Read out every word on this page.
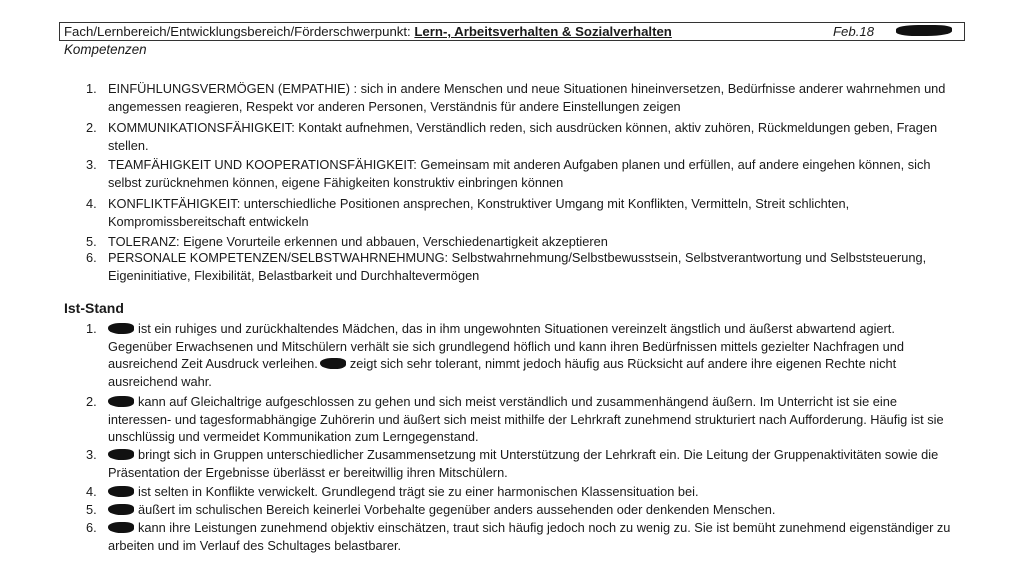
Fach/Lernbereich/Entwicklungsbereich/Förderschwerpunkt: Lern-, Arbeitsverhalten & Sozialverhalten	Feb.18
Kompetenzen
1. EINFÜHLUNGSVERMÖGEN (EMPATHIE) : sich in andere Menschen und neue Situationen hineinversetzen, Bedürfnisse anderer wahrnehmen und angemessen reagieren, Respekt vor anderen Personen, Verständnis für andere Einstellungen zeigen
2. KOMMUNIKATIONSFÄHIGKEIT: Kontakt aufnehmen, Verständlich reden, sich ausdrücken können, aktiv zuhören, Rückmeldungen geben, Fragen stellen.
3. TEAMFÄHIGKEIT UND KOOPERATIONSFÄHIGKEIT: Gemeinsam mit anderen Aufgaben planen und erfüllen, auf andere eingehen können, sich selbst zurücknehmen können, eigene Fähigkeiten konstruktiv einbringen können
4. KONFLIKTFÄHIGKEIT: unterschiedliche Positionen ansprechen, Konstruktiver Umgang mit Konflikten, Vermitteln, Streit schlichten, Kompromissbereitschaft entwickeln
5. TOLERANZ: Eigene Vorurteile erkennen und abbauen, Verschiedenartigkeit akzeptieren
6. PERSONALE KOMPETENZEN/SELBSTWAHRNEHMUNG: Selbstwahrnehmung/Selbstbewusstsein, Selbstverantwortung und Selbststeuerung, Eigeninitiative, Flexibilität, Belastbarkeit und Durchhaltevermögen
Ist-Stand
1.	ist ein ruhiges und zurückhaltendes Mädchen, das in ihm ungewohnten Situationen vereinzelt ängstlich und äußerst abwartend agiert. Gegenüber Erwachsenen und Mitschülern verhält sie sich grundlegend höflich und kann ihren Bedürfnissen mittels gezielter Nachfragen und ausreichend Zeit Ausdruck verleihen.	zeigt sich sehr tolerant, nimmt jedoch häufig aus Rücksicht auf andere ihre eigenen Rechte nicht ausreichend wahr.
2.	kann auf Gleichaltrige aufgeschlossen zu gehen und sich meist verständlich und zusammenhängend äußern. Im Unterricht ist sie eine interessen- und tagesformabhängige Zuhörerin und äußert sich meist mithilfe der Lehrkraft zunehmend strukturiert nach Aufforderung. Häufig ist sie unschlüssig und vermeidet Kommunikation zum Lerngegenstand.
3.	bringt sich in Gruppen unterschiedlicher Zusammensetzung mit Unterstützung der Lehrkraft ein. Die Leitung der Gruppenaktivitäten sowie die Präsentation der Ergebnisse überlässt er bereitwillig ihren Mitschülern.
4.	ist selten in Konflikte verwickelt. Grundlegend trägt sie zu einer harmonischen Klassensituation bei.
5.	äußert im schulischen Bereich keinerlei Vorbehalte gegenüber anders aussehenden oder denkenden Menschen.
6.	kann ihre Leistungen zunehmend objektiv einschätzen, traut sich häufig jedoch noch zu wenig zu. Sie ist bemüht zunehmend eigenständiger zu arbeiten und im Verlauf des Schultages belastbarer.
